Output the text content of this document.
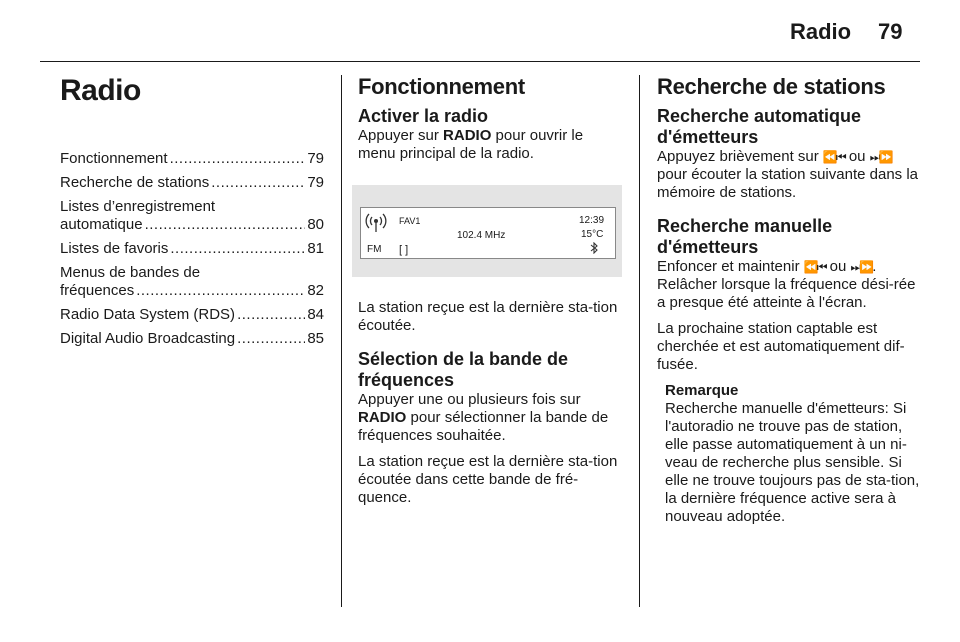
Radio 79
Radio
Fonctionnement .....	79
Recherche de stations .....	79
Listes d’enregistrement
automatique .....	80
Listes de favoris .....	81
Menus de bandes de
fréquences .....	82
Radio Data System (RDS) .....	84
Digital Audio Broadcasting .....	85
Fonctionnement
Activer la radio

Appuyer sur RADIO pour ouvrir le menu principal de la radio.

FM
FAV1
[ ]
102.4 MHz
12:39
15°C

La station reçue est la dernière sta-tion écoutée.

Sélection de la bande de fréquences

Appuyer une ou plusieurs fois sur RADIO pour sélectionner la bande de fréquences souhaitée.

La station reçue est la dernière sta-tion écoutée dans cette bande de fré-quence.

Recherche de stations
Recherche automatique d'émetteurs

Appuyez brièvement sur ⏪⏮ ou ⏭⏩ pour écouter la station suivante dans la mémoire de stations.

Recherche manuelle d'émetteurs

Enfoncer et maintenir ⏪⏮ ou ⏭⏩. Relâcher lorsque la fréquence dési-rée a presque été atteinte à l'écran.

La prochaine station captable est cherchée et est automatiquement dif-fusée.

Remarque
Recherche manuelle d'émetteurs: Si l'autoradio ne trouve pas de station, elle passe automatiquement à un ni-veau de recherche plus sensible. Si elle ne trouve toujours pas de sta-tion, la dernière fréquence active sera à nouveau adoptée.
